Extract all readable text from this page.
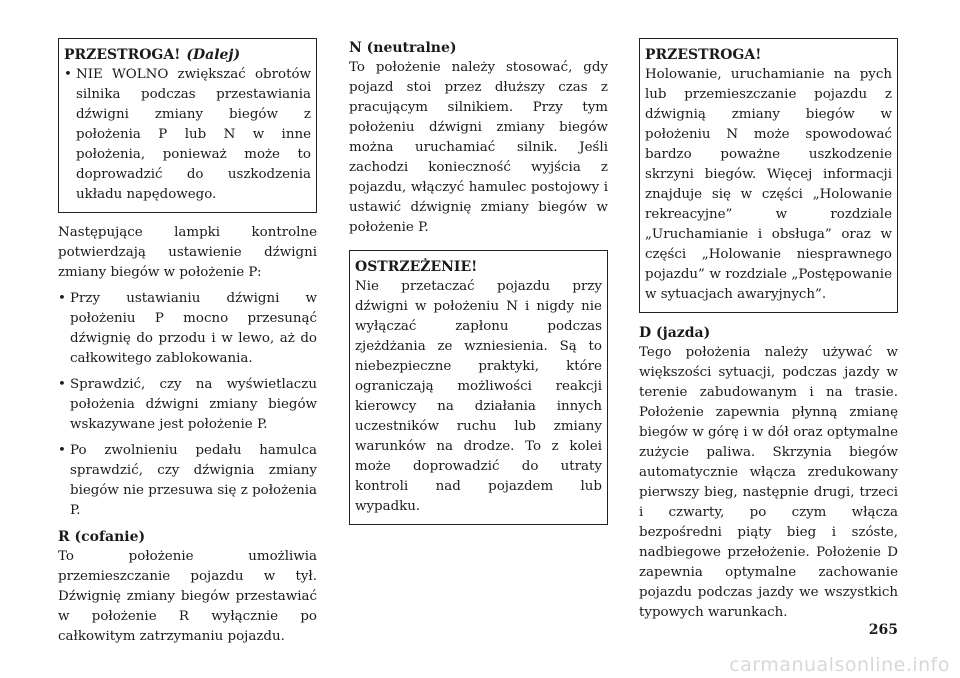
PRZESTROGA! (Dalej)
• NIE WOLNO zwiększać obrotów silnika podczas przestawiania dźwigni zmiany biegów z położenia P lub N w inne położenia, ponieważ może to doprowadzić do uszkodzenia układu napędowego.

Następujące lampki kontrolne potwierdzają ustawienie dźwigni zmiany biegów w położenie P:

• Przy ustawianiu dźwigni w położeniu P mocno przesunąć dźwignię do przodu i w lewo, aż do całkowitego zablokowania.
• Sprawdzić, czy na wyświetlaczu położenia dźwigni zmiany biegów wskazywane jest położenie P.
• Po zwolnieniu pedału hamulca sprawdzić, czy dźwignia zmiany biegów nie przesuwa się z położenia P.
R (cofanie)

To położenie umożliwia przemieszczanie pojazdu w tył. Dźwignię zmiany biegów przestawiać w położenie R wyłącznie po całkowitym zatrzymaniu pojazdu.

N (neutralne)

To położenie należy stosować, gdy pojazd stoi przez dłuższy czas z pracującym silnikiem. Przy tym położeniu dźwigni zmiany biegów można uruchamiać silnik. Jeśli zachodzi konieczność wyjścia z pojazdu, włączyć hamulec postojowy i ustawić dźwignię zmiany biegów w położenie P.

OSTRZEŻENIE!

Nie przetaczać pojazdu przy dźwigni w położeniu N i nigdy nie wyłączać zapłonu podczas zjeżdżania ze wzniesienia. Są to niebezpieczne praktyki, które ograniczają możliwości reakcji kierowcy na działania innych uczestników ruchu lub zmiany warunków na drodze. To z kolei może doprowadzić do utraty kontroli nad pojazdem lub wypadku.

PRZESTROGA!

Holowanie, uruchamianie na pych lub przemieszczanie pojazdu z dźwignią zmiany biegów w położeniu N może spowodować bardzo poważne uszkodzenie skrzyni biegów. Więcej informacji znajduje się w części „Holowanie rekreacyjne” w rozdziale „Uruchamianie i obsługa” oraz w części „Holowanie niesprawnego pojazdu” w rozdziale „Postępowanie w sytuacjach awaryjnych”.

D (jazda)

Tego położenia należy używać w większości sytuacji, podczas jazdy w terenie zabudowanym i na trasie. Położenie zapewnia płynną zmianę biegów w górę i w dół oraz optymalne zużycie paliwa. Skrzynia biegów automatycznie włącza zredukowany pierwszy bieg, następnie drugi, trzeci i czwarty, po czym włącza bezpośredni piąty bieg i szóste, nadbiegowe przełożenie. Położenie D zapewnia optymalne zachowanie pojazdu podczas jazdy we wszystkich typowych warunkach.

265
carmanualsonline.info
